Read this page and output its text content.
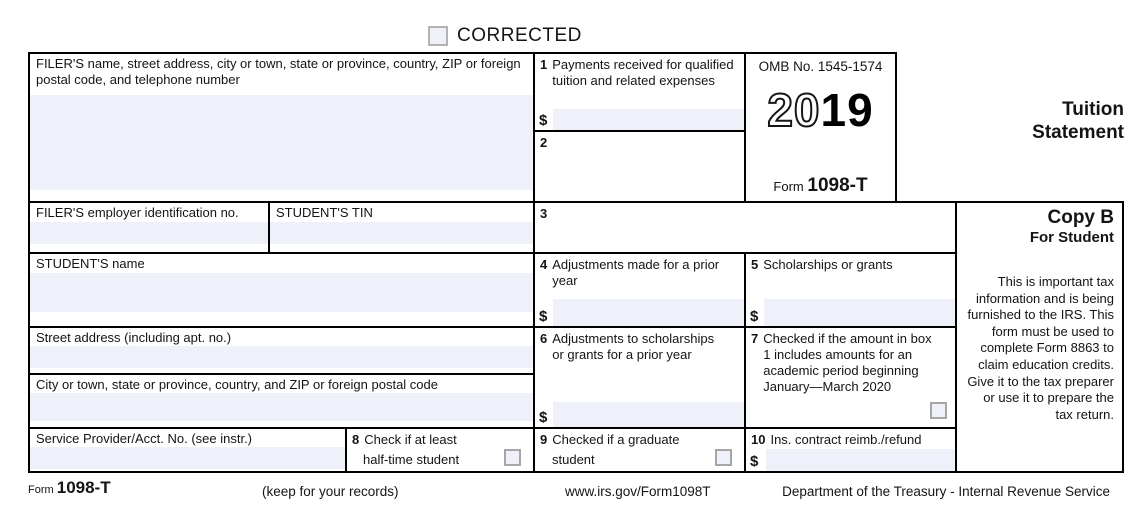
CORRECTED
FILER'S name, street address, city or town, state or province, country, ZIP or foreign postal code, and telephone number
1 Payments received for qualified tuition and related expenses
$
2
OMB No. 1545-1574
2019
Form 1098-T
Tuition
Statement
FILER'S employer identification no.	STUDENT'S TIN	3
STUDENT'S name	4 Adjustments made for a prior year
$
5 Scholarships or grants
$
Street address (including apt. no.)
City or town, state or province, country, and ZIP or foreign postal code
6 Adjustments to scholarships or grants for a prior year
$
7 Checked if the amount in box 1 includes amounts for an academic period beginning January—March 2020
Service Provider/Acct. No. (see instr.)	8 Check if at least
half-time student
9 Checked if a graduate
student
10 Ins. contract reimb./refund
$
Copy B
For Student
This is important tax information and is being furnished to the IRS. This form must be used to complete Form 8863 to claim education credits. Give it to the tax preparer or use it to prepare the tax return.
Form 1098-T	(keep for your records)	www.irs.gov/Form1098T	Department of the Treasury - Internal Revenue Service
